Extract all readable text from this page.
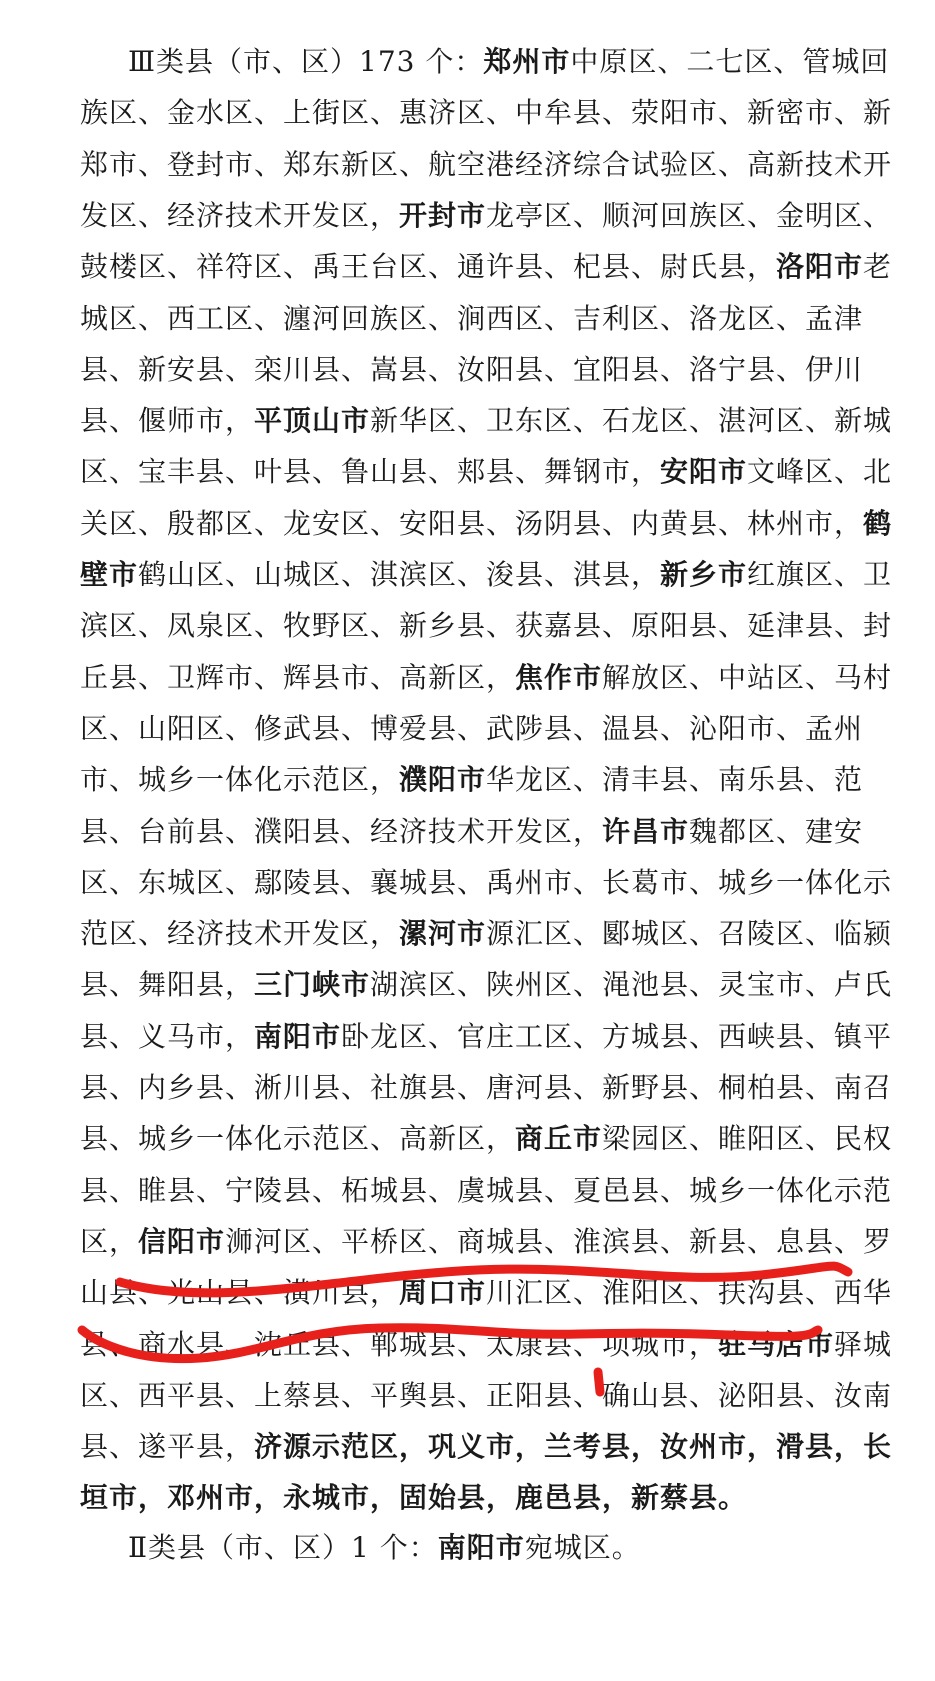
Ⅲ类县（市、区）173 个：郑州市中原区、二七区、管城回
族区、金水区、上街区、惠济区、中牟县、荥阳市、新密市、新
郑市、登封市、郑东新区、航空港经济综合试验区、高新技术开
发区、经济技术开发区，开封市龙亭区、顺河回族区、金明区、
鼓楼区、祥符区、禹王台区、通许县、杞县、尉氏县，洛阳市老
城区、西工区、瀍河回族区、涧西区、吉利区、洛龙区、孟津
县、新安县、栾川县、嵩县、汝阳县、宜阳县、洛宁县、伊川
县、偃师市，平顶山市新华区、卫东区、石龙区、湛河区、新城
区、宝丰县、叶县、鲁山县、郏县、舞钢市，安阳市文峰区、北
关区、殷都区、龙安区、安阳县、汤阴县、内黄县、林州市，鹤
壁市鹤山区、山城区、淇滨区、浚县、淇县，新乡市红旗区、卫
滨区、凤泉区、牧野区、新乡县、获嘉县、原阳县、延津县、封
丘县、卫辉市、辉县市、高新区，焦作市解放区、中站区、马村
区、山阳区、修武县、博爱县、武陟县、温县、沁阳市、孟州
市、城乡一体化示范区，濮阳市华龙区、清丰县、南乐县、范
县、台前县、濮阳县、经济技术开发区，许昌市魏都区、建安
区、东城区、鄢陵县、襄城县、禹州市、长葛市、城乡一体化示
范区、经济技术开发区，漯河市源汇区、郾城区、召陵区、临颍
县、舞阳县，三门峡市湖滨区、陕州区、渑池县、灵宝市、卢氏
县、义马市，南阳市卧龙区、官庄工区、方城县、西峡县、镇平
县、内乡县、淅川县、社旗县、唐河县、新野县、桐柏县、南召
县、城乡一体化示范区、高新区，商丘市梁园区、睢阳区、民权
县、睢县、宁陵县、柘城县、虞城县、夏邑县、城乡一体化示范
区，信阳市浉河区、平桥区、商城县、淮滨县、新县、息县、罗
山县、光山县、潢川县，周口市川汇区、淮阳区、扶沟县、西华
县、商水县、沈丘县、郸城县、太康县、项城市，驻马店市驿城
区、西平县、上蔡县、平舆县、正阳县、确山县、泌阳县、汝南
县、遂平县，济源示范区，巩义市，兰考县，汝州市，滑县，长
垣市，邓州市，永城市，固始县，鹿邑县，新蔡县。
Ⅱ类县（市、区）1 个：南阳市宛城区。
